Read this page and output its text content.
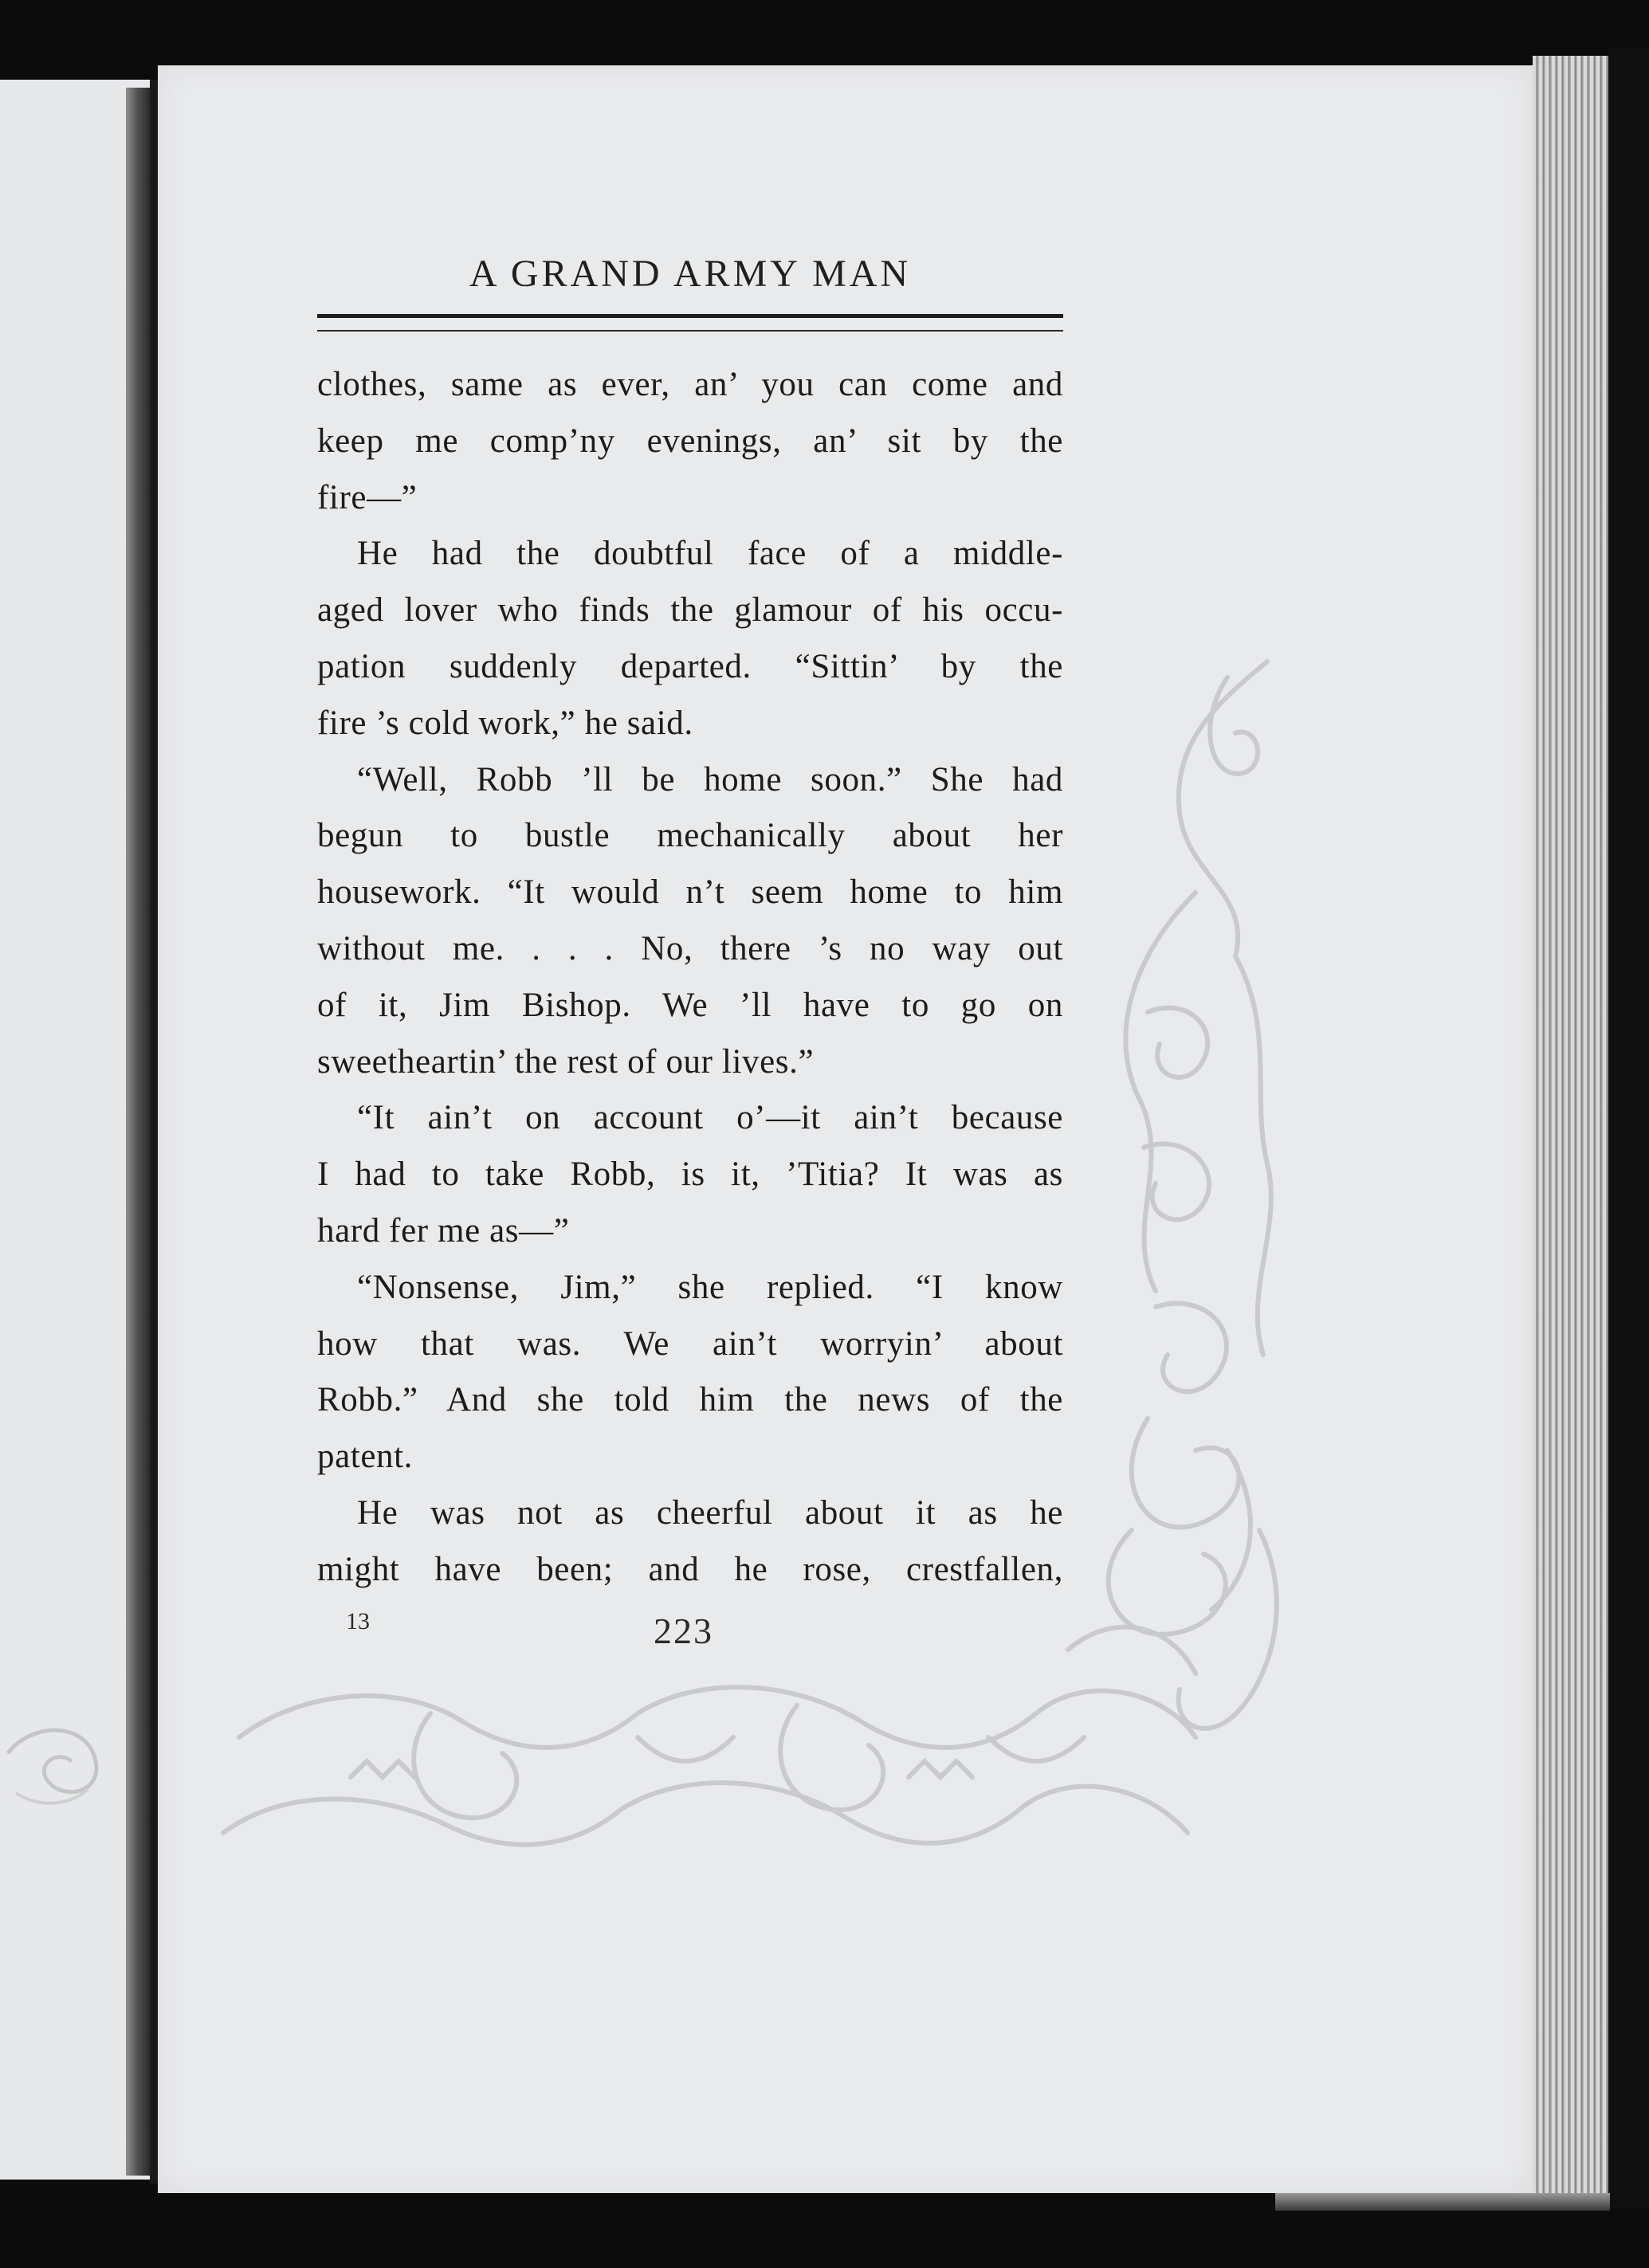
A GRAND ARMY MAN
clothes, same as ever, an’ you can come and
keep me comp’ny evenings, an’ sit by the
fire—”
He had the doubtful face of a middle-
aged lover who finds the glamour of his occu-
pation suddenly departed. “Sittin’ by the
fire ’s cold work,” he said.
“Well, Robb ’ll be home soon.” She had
begun to bustle mechanically about her
housework. “It would n’t seem home to him
without me. . . . No, there ’s no way out
of it, Jim Bishop. We ’ll have to go on
sweetheartin’ the rest of our lives.”
“It ain’t on account o’—it ain’t because
I had to take Robb, is it, ’Titia? It was as
hard fer me as—”
“Nonsense, Jim,” she replied. “I know
how that was. We ain’t worryin’ about
Robb.” And she told him the news of the
patent.
He was not as cheerful about it as he
might have been; and he rose, crestfallen,
13	223
